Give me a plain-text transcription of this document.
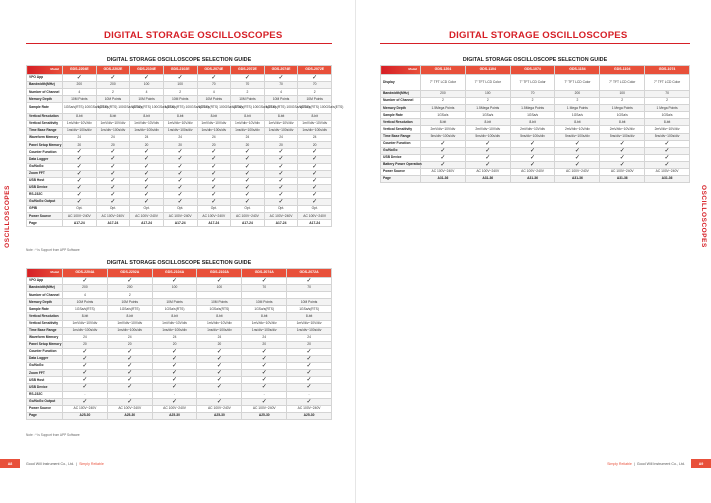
DIGITAL STORAGE OSCILLOSCOPES
OSCILLOSCOPES
DIGITAL STORAGE OSCILLOSCOPE SELECTION GUIDE
Model	GDS-2204E	GDS-2202E	GDS-2104E	GDS-2102E	GDS-2074E	GDS-2072E	GDS-2074E	GDS-2072E
VPO App	✓	✓	✓	✓	✓	✓	✓	✓
Bandwidth(MHz)	200	200	100	100	70	70	70	70
Number of Channel	4	2	4	2	4	2	4	2
Memory Depth	10M Points	10M Points	10M Points	10M Points	10M Points	10M Points	10M Points	10M Points
Sample Rate	1GSa/s(RTS) 100GSa/s(ETS)	1GSa/s(RTS) 100GSa/s(ETS)	1GSa/s(RTS) 100GSa/s(ETS)	1GSa/s(RTS) 100GSa/s(ETS)	1GSa/s(RTS) 100GSa/s(ETS)	1GSa/s(RTS) 100GSa/s(ETS)	1GSa/s(RTS) 100GSa/s(ETS)	1GSa/s(RTS) 100GSa/s(ETS)
Vertical Resolution	8-bit	8-bit	8-bit	8-bit	8-bit	8-bit	8-bit	8-bit
Vertical Sensitivity	1mV/div~10V/div	1mV/div~10V/div	1mV/div~10V/div	1mV/div~10V/div	1mV/div~10V/div	1mV/div~10V/div	1mV/div~10V/div	1mV/div~10V/div
Time Base Range	1ns/div~100s/div	1ns/div~100s/div	1ns/div~100s/div	1ns/div~100s/div	1ns/div~100s/div	1ns/div~100s/div	1ns/div~100s/div	1ns/div~100s/div
Waveform Memory	24	24	24	24	24	24	24	24
Panel Setup Memory	20	20	20	20	20	20	20	20
Counter Function	✓	✓	✓	✓	✓	✓	✓	✓
Data Logger	✓	✓	✓	✓	✓	✓	✓	✓
Go/NoGo	✓	✓	✓	✓	✓	✓	✓	✓
Zoom FFT	✓	✓	✓	✓	✓	✓	✓	✓
USB Host	✓	✓	✓	✓	✓	✓	✓	✓
USB Device	✓	✓	✓	✓	✓	✓	✓	✓
RS-232C	✓	✓	✓	✓	✓	✓	✓	✓
Go/NoGo Output	✓	✓	✓	✓	✓	✓	✓	✓
GPIB	Opt.	Opt.	Opt.	Opt.	Opt.	Opt.	Opt.	Opt.
Power Source	AC 100V~240V	AC 100V~240V	AC 100V~240V	AC 100V~240V	AC 100V~240V	AC 100V~240V	AC 100V~240V	AC 100V~240V
Page	A17-24	A17-24	A17-24	A17-24	A17-24	A17-24	A17-24	A17-24
Note : * is Support from APP Software
DIGITAL STORAGE OSCILLOSCOPE SELECTION GUIDE
Model	GDS-2204A	GDS-2202A	GDS-2104A	GDS-2102A	GDS-2074A	GDS-2072A
VPO App	✓	✓	✓	✓	✓	✓
Bandwidth(MHz)	200	200	100	100	70	70
Number of Channel	4	2				
Memory Depth	10M Points	10M Points	10M Points	10M Points	10M Points	10M Points
Sample Rate	1GSa/s(RTS)	1GSa/s(RTS)	1GSa/s(RTS)	1GSa/s(RTS)	1GSa/s(RTS)	1GSa/s(RTS)
Vertical Resolution	8-bit	8-bit	8-bit	8-bit	8-bit	8-bit
Vertical Sensitivity	1mV/div~10V/div	1mV/div~10V/div	1mV/div~10V/div	1mV/div~10V/div	1mV/div~10V/div	1mV/div~10V/div
Time Base Range	1ns/div~100s/div	1ns/div~100s/div	1ns/div~100s/div	1ns/div~100s/div	1ns/div~100s/div	1ns/div~100s/div
Waveform Memory	24	24	24	24	24	24
Panel Setup Memory	20	20	20	20	20	20
Counter Function	✓	✓	✓	✓	✓	✓
Data Logger	✓	✓	✓	✓	✓	✓
Go/NoGo	✓	✓	✓	✓	✓	✓
Zoom FFT	✓	✓	✓	✓	✓	✓
USB Host	✓	✓	✓	✓	✓	✓
USB Device	✓	✓	✓	✓	✓	✓
RS-232C	-	-	-	-	-	-
Go/NoGo Output	✓	✓	✓	✓	✓	✓
Power Source	AC 100V~240V	AC 100V~240V	AC 100V~240V	AC 100V~240V	AC 100V~240V	AC 100V~240V
Page	A25-30	A25-30	A25-30	A25-30	A25-30	A25-30
Note : * is Support from APP Software
A8	Good Will Instrument Co., Ltd.  |  Simply Reliable
DIGITAL STORAGE OSCILLOSCOPES
OSCILLOSCOPES
DIGITAL STORAGE OSCILLOSCOPE SELECTION GUIDE
Model	GDS-1204	GDS-1104	GDS-1074	GDS-1154	GDS-1104	GDS-1074
Display	7" TFT LCD Color	7" TFT LCD Color	7" TFT LCD Color	7" TFT LCD Color	7" TFT LCD Color	7" TFT LCD Color
Bandwidth(MHz)	200	100	70	200	100	70
Number of Channel	2	2	2	2	2	2
Memory Depth	1.5Mega Points	1.5Mega Points	1.5Mega Points	1 Mega Points	1 Mega Points	1 Mega Points
Sample Rate	1GSa/s	1GSa/s	1GSa/s	1GSa/s	1GSa/s	1GSa/s
Vertical Resolution	8-bit	8-bit	8-bit	8-bit	8-bit	8-bit
Vertical Sensitivity	2mV/div~10V/div	2mV/div~10V/div	2mV/div~10V/div	2mV/div~10V/div	2mV/div~10V/div	2mV/div~10V/div
Time Base Range	5ns/div~100s/div	5ns/div~100s/div	5ns/div~100s/div	5ns/div~100s/div	5ns/div~100s/div	5ns/div~100s/div
Counter Function	✓	✓	✓	✓	✓	✓
Go/NoGo	✓	✓	✓	✓	✓	✓
USB Device	✓	✓	✓	✓	✓	✓
Battery Power Operation	✓	✓	✓	✓	✓	✓
Power Source	AC 100V~240V	AC 100V~240V	AC 100V~240V	AC 100V~240V	AC 100V~240V	AC 100V~240V
Page	A31-36	A31-36	A31-36	A31-36	A31-36	A31-36
Simply Reliable  |  Good Will Instrument Co., Ltd.	A9
